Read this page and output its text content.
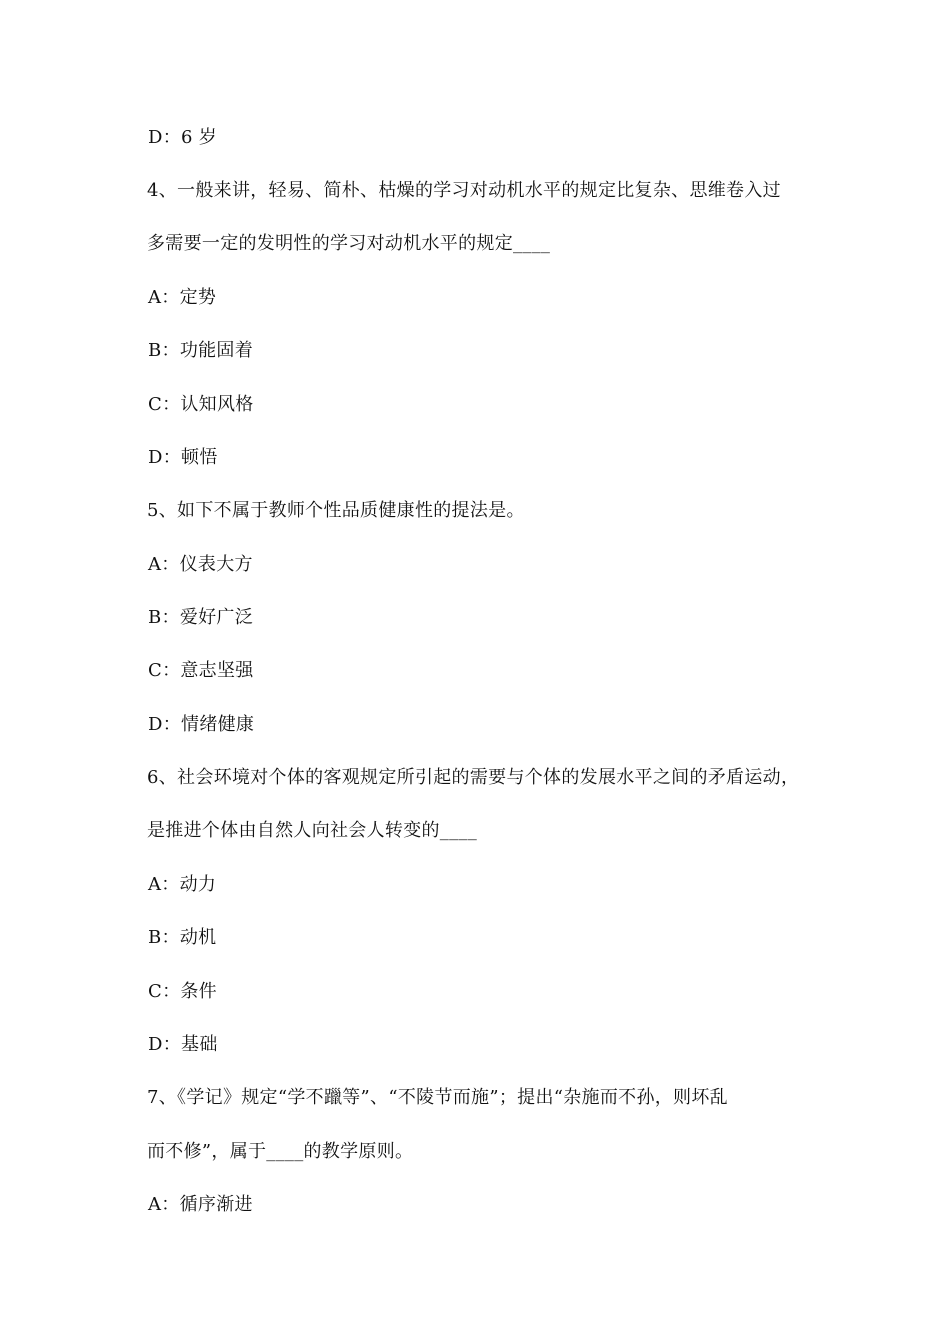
D：6 岁
4、一般来讲，轻易、简朴、枯燥的学习对动机水平的规定比复杂、思维卷入过
多需要一定的发明性的学习对动机水平的规定____
A：定势
B：功能固着
C：认知风格
D：顿悟
5、如下不属于教师个性品质健康性的提法是。
A：仪表大方
B：爱好广泛
C：意志坚强
D：情绪健康
6、社会环境对个体的客观规定所引起的需要与个体的发展水平之间的矛盾运动，
是推进个体由自然人向社会人转变的____
A：动力
B：动机
C：条件
D：基础
7、《学记》规定“学不躐等”、“不陵节而施”；提出“杂施而不孙，则坏乱
而不修”，属于____的教学原则。
A：循序渐进
